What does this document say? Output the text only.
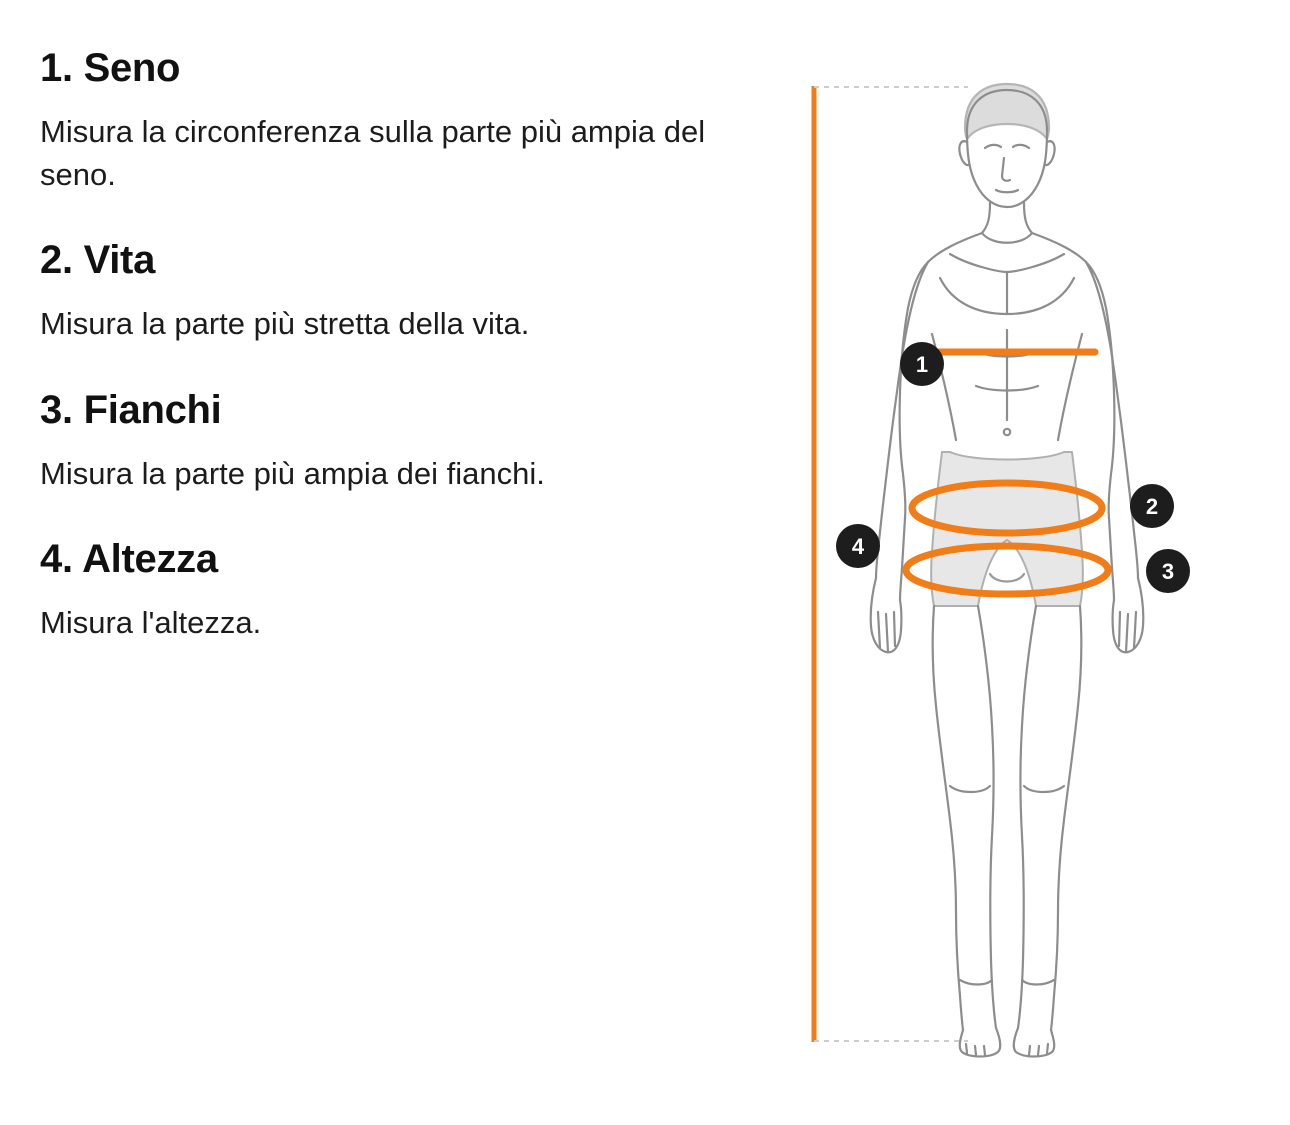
1. Seno

Misura la circonferenza sulla parte più ampia del seno.

2. Vita

Misura la parte più stretta della vita.

3. Fianchi

Misura la parte più ampia dei fianchi.

4. Altezza

Misura l'altezza.

1
2
3
4
